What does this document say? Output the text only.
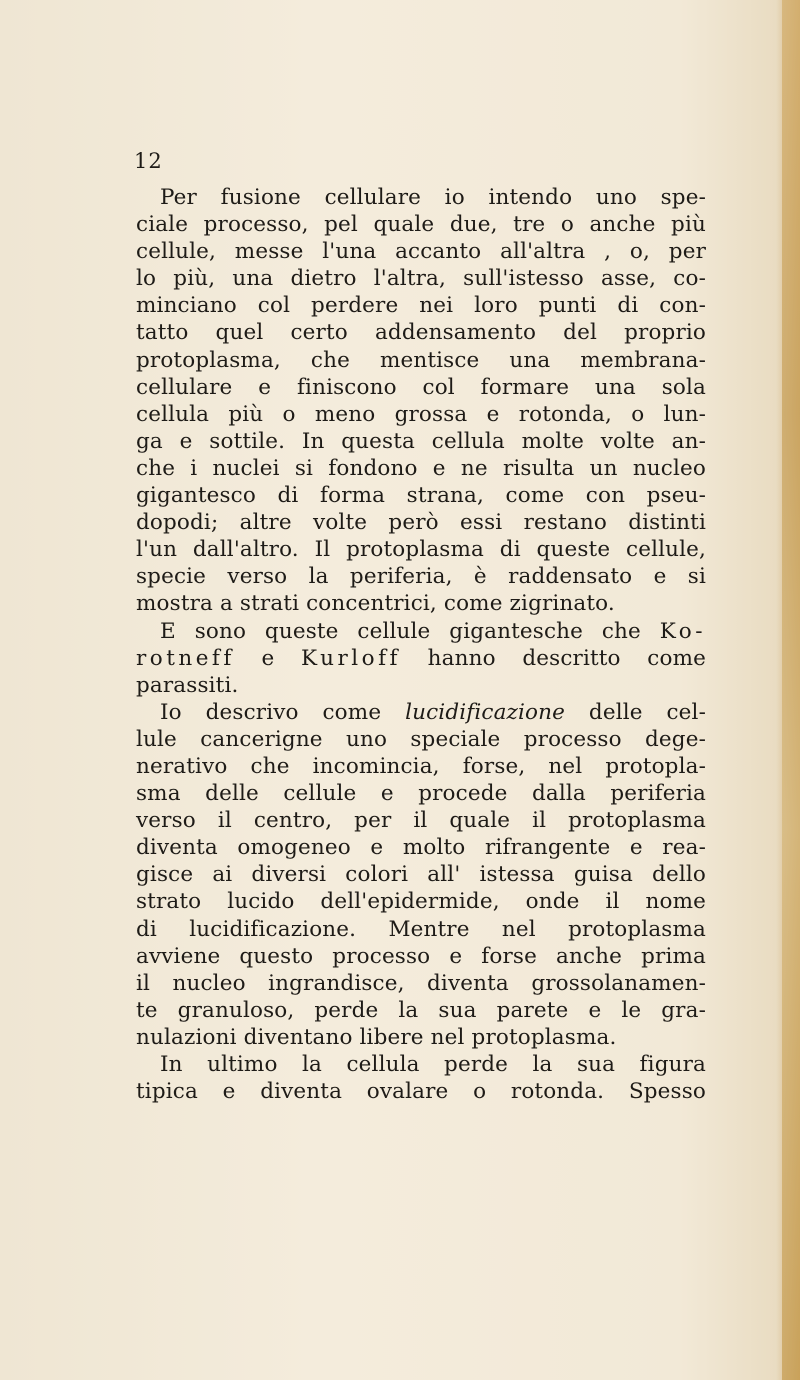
12
Per fusione cellulare io intendo uno spe-
ciale processo, pel quale due, tre o anche più
cellule, messe l'una accanto all'altra , o, per
lo più, una dietro l'altra, sull'istesso asse, co-
minciano col perdere nei loro punti di con-
tatto quel certo addensamento del proprio
protoplasma, che mentisce una membrana-
cellulare e finiscono col formare una sola
cellula più o meno grossa e rotonda, o lun-
ga e sottile. In questa cellula molte volte an-
che i nuclei si fondono e ne risulta un nucleo
gigantesco di forma strana, come con pseu-
dopodi; altre volte però essi restano distinti
l'un dall'altro. Il protoplasma di queste cellule,
specie verso la periferia, è raddensato e si
mostra a strati concentrici, come zigrinato.
E sono queste cellule gigantesche che Ko-
rotneff e Kurloff hanno descritto come
parassiti.
Io descrivo come lucidificazione delle cel-
lule cancerigne uno speciale processo dege-
nerativo che incomincia, forse, nel protopla-
sma delle cellule e procede dalla periferia
verso il centro, per il quale il protoplasma
diventa omogeneo e molto rifrangente e rea-
gisce ai diversi colori all' istessa guisa dello
strato lucido dell'epidermide, onde il nome
di lucidificazione. Mentre nel protoplasma
avviene questo processo e forse anche prima
il nucleo ingrandisce, diventa grossolanamen-
te granuloso, perde la sua parete e le gra-
nulazioni diventano libere nel protoplasma.
In ultimo la cellula perde la sua figura
tipica e diventa ovalare o rotonda. Spesso
